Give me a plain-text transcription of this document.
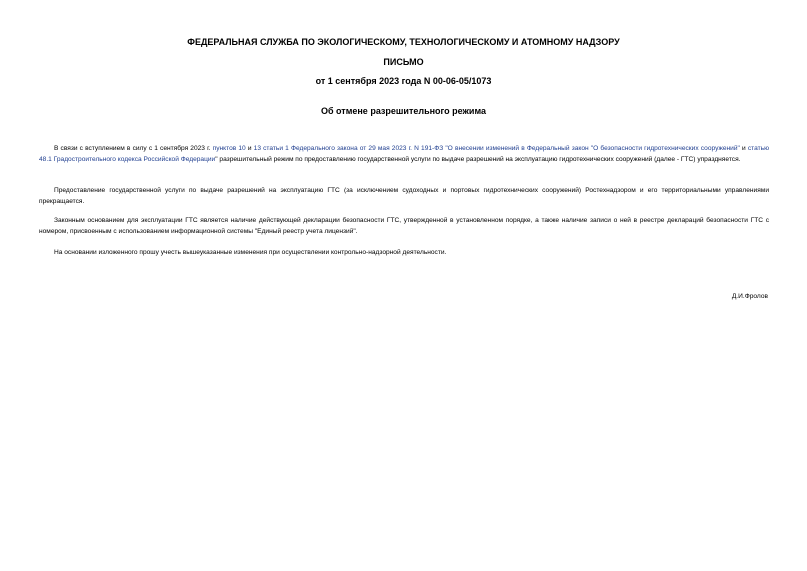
ФЕДЕРАЛЬНАЯ СЛУЖБА ПО ЭКОЛОГИЧЕСКОМУ, ТЕХНОЛОГИЧЕСКОМУ И АТОМНОМУ НАДЗОРУ
ПИСЬМО
от 1 сентября 2023 года N 00-06-05/1073
Об отмене разрешительного режима

В связи с вступлением в силу с 1 сентября 2023 г. пунктов 10 и 13 статьи 1 Федерального закона от 29 мая 2023 г. N 191-ФЗ "О внесении изменений в Федеральный закон "О безопасности гидротехнических сооружений" и статью 48.1 Градостроительного кодекса Российской Федерации" разрешительный режим по предоставлению государственной услуги по выдаче разрешений на эксплуатацию гидротехнических сооружений (далее - ГТС) упраздняется.

Предоставление государственной услуги по выдаче разрешений на эксплуатацию ГТС (за исключением судоходных и портовых гидротехнических сооружений) Ростехнадзором и его территориальными управлениями прекращается.

Законным основанием для эксплуатации ГТС является наличие действующей декларации безопасности ГТС, утвержденной в установленном порядке, а также наличие записи о ней в реестре деклараций безопасности ГТС с номером, присвоенным с использованием информационной системы "Единый реестр учета лицензий".

На основании изложенного прошу учесть вышеуказанные изменения при осуществлении контрольно-надзорной деятельности.

Д.И.Фролов
